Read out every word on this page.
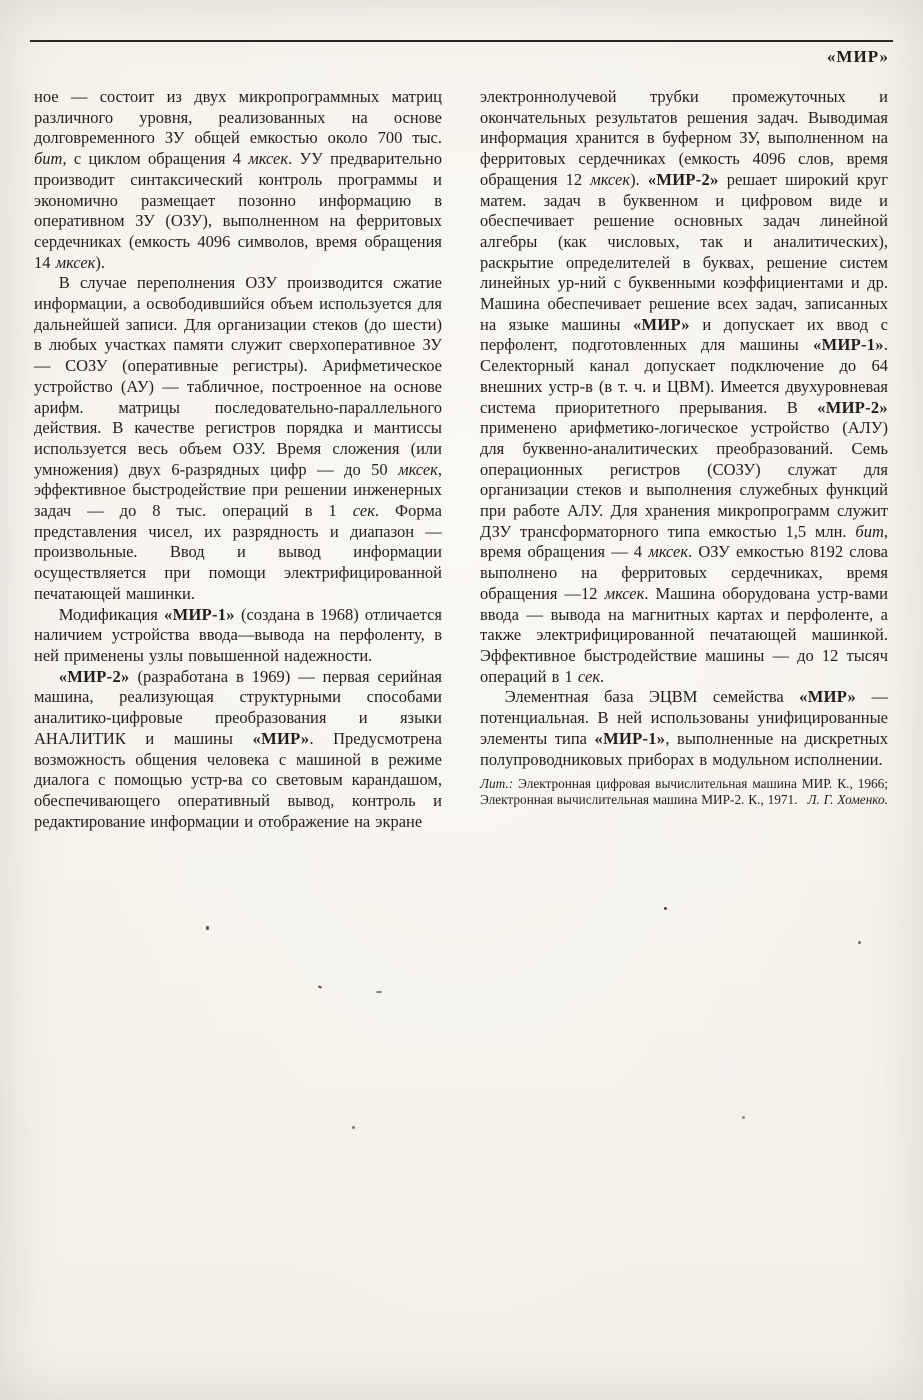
«МИР»

ное — состоит из двух микропрограммных матриц различного уровня, реализованных на основе долговременного ЗУ общей емкостью около 700 тыс. бит, с циклом обращения 4 мксек. УУ предварительно производит синтаксический контроль программы и экономично размещает позонно информацию в оперативном ЗУ (ОЗУ), выполненном на ферритовых сердечниках (емкость 4096 символов, время обращения 14 мксек).

В случае переполнения ОЗУ производится сжатие информации, а освободившийся объем используется для дальнейшей записи. Для организации стеков (до шести) в любых участках памяти служит сверхоперативное ЗУ — СОЗУ (оперативные регистры). Арифметическое устройство (АУ) — табличное, построенное на основе арифм. матрицы последовательно-параллельного действия. В качестве регистров порядка и мантиссы используется весь объем ОЗУ. Время сложения (или умножения) двух 6-разрядных цифр — до 50 мксек, эффективное быстродействие при решении инженерных задач — до 8 тыс. операций в 1 сек. Форма представления чисел, их разрядность и диапазон — произвольные. Ввод и вывод информации осуществляется при помощи электрифицированной печатающей машинки.

Модификация «МИР-1» (создана в 1968) отличается наличием устройства ввода—вывода на перфоленту, в ней применены узлы повышенной надежности.

«МИР-2» (разработана в 1969) — первая серийная машина, реализующая структурными способами аналитико-цифровые преобразования и языки АНАЛИТИК и машины «МИР». Предусмотрена возможность общения человека с машиной в режиме диалога с помощью устр-ва со световым карандашом, обеспечивающего оперативный вывод, контроль и редактирование информации и отображение на экране

электроннолучевой трубки промежуточных и окончательных результатов решения задач. Выводимая информация хранится в буферном ЗУ, выполненном на ферритовых сердечниках (емкость 4096 слов, время обращения 12 мксек). «МИР-2» решает широкий круг матем. задач в буквенном и цифровом виде и обеспечивает решение основных задач линейной алгебры (как числовых, так и аналитических), раскрытие определителей в буквах, решение систем линейных ур-ний с буквенными коэффициентами и др. Машина обеспечивает решение всех задач, записанных на языке машины «МИР» и допускает их ввод с перфолент, подготовленных для машины «МИР-1». Селекторный канал допускает подключение до 64 внешних устр-в (в т. ч. и ЦВМ). Имеется двухуровневая система приоритетного прерывания. В «МИР-2» применено арифметико-логическое устройство (АЛУ) для буквенно-аналитических преобразований. Семь операционных регистров (СОЗУ) служат для организации стеков и выполнения служебных функций при работе АЛУ. Для хранения микропрограмм служит ДЗУ трансформаторного типа емкостью 1,5 млн. бит, время обращения — 4 мксек. ОЗУ емкостью 8192 слова выполнено на ферритовых сердечниках, время обращения —12 мксек. Машина оборудована устр-вами ввода — вывода на магнитных картах и перфоленте, а также электрифицированной печатающей машинкой. Эффективное быстродействие машины — до 12 тысяч операций в 1 сек.

Элементная база ЭЦВМ семейства «МИР» — потенциальная. В ней использованы унифицированные элементы типа «МИР-1», выполненные на дискретных полупроводниковых приборах в модульном исполнении.

Лит.: Электронная цифровая вычислительная машина МИР. К., 1966; Электронная вычислительная машина МИР-2. К., 1971. Л. Г. Хоменко.
